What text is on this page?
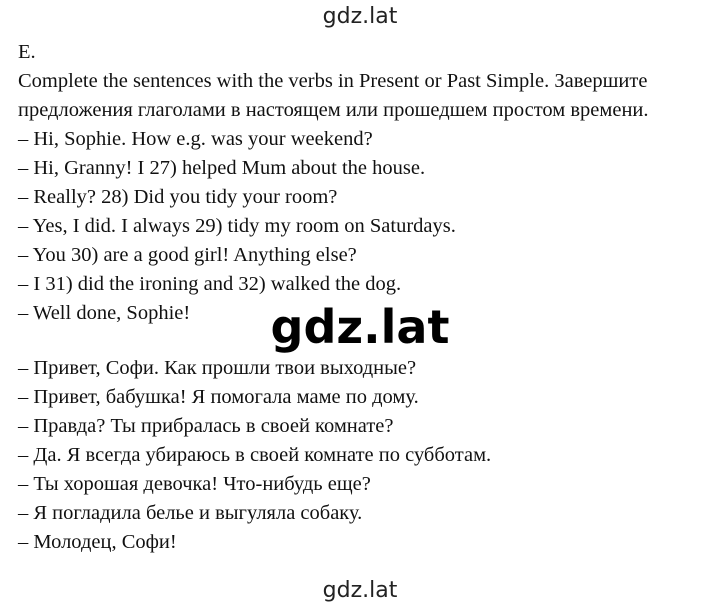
gdz.lat
E.
Complete the sentences with the verbs in Present or Past Simple. Завершите
предложения глаголами в настоящем или прошедшем простом времени.
– Hi, Sophie. How e.g. was your weekend?
– Hi, Granny! I 27) helped Mum about the house.
– Really? 28) Did you tidy your room?
– Yes, I did. I always 29) tidy my room on Saturdays.
– You 30) are a good girl! Anything else?
– I 31) did the ironing and 32) walked the dog.
– Well done, Sophie!
– Привет, Софи. Как прошли твои выходные?
– Привет, бабушка! Я помогала маме по дому.
– Правда? Ты прибралась в своей комнате?
– Да. Я всегда убираюсь в своей комнате по субботам.
– Ты хорошая девочка! Что-нибудь еще?
– Я погладила белье и выгуляла собаку.
– Молодец, Софи!
gdz.lat
gdz.lat
